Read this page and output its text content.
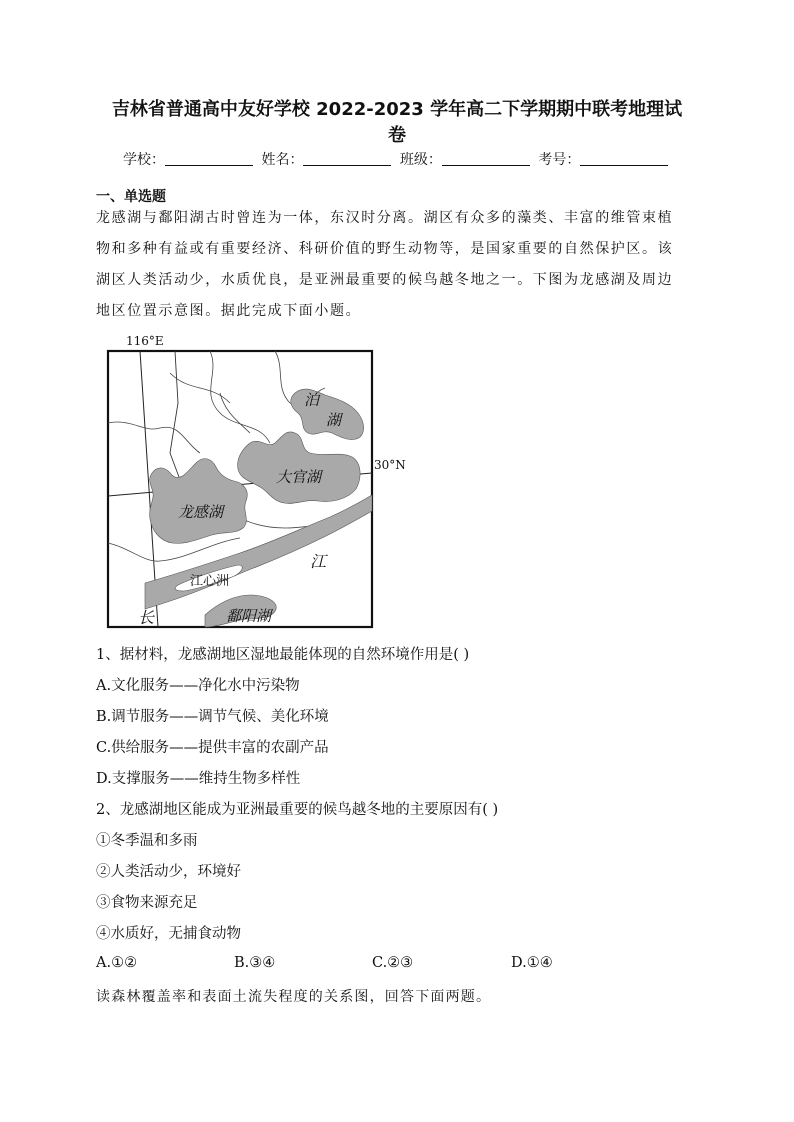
吉林省普通高中友好学校 2022-2023 学年高二下学期期中联考地理试
卷
学校：	姓名：	班级：	考号：
一、单选题
龙感湖与鄱阳湖古时曾连为一体，东汉时分离。湖区有众多的藻类、丰富的维管束植
物和多种有益或有重要经济、科研价值的野生动物等，是国家重要的自然保护区。该
湖区人类活动少，水质优良，是亚洲最重要的候鸟越冬地之一。下图为龙感湖及周边
地区位置示意图。据此完成下面小题。
116°E
30°N
泊
湖
大官湖
龙感湖
江心洲
江
长	鄱阳湖
1、据材料，龙感湖地区湿地最能体现的自然环境作用是( )
A.文化服务——净化水中污染物
B.调节服务——调节气候、美化环境
C.供给服务——提供丰富的农副产品
D.支撑服务——维持生物多样性
2、龙感湖地区能成为亚洲最重要的候鸟越冬地的主要原因有( )
①冬季温和多雨
②人类活动少，环境好
③食物来源充足
④水质好，无捕食动物
A.①②	B.③④	C.②③	D.①④
读森林覆盖率和表面土流失程度的关系图，回答下面两题。
